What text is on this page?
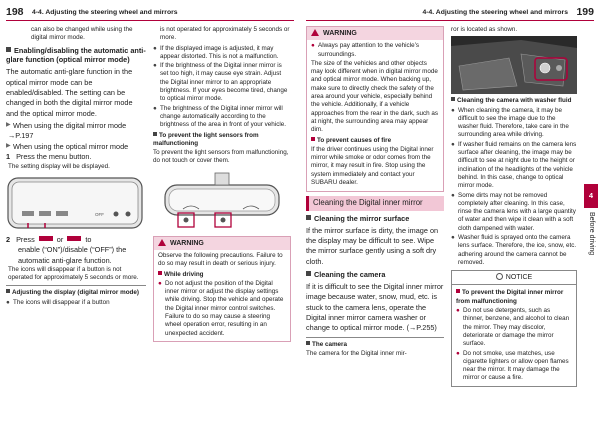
198 4-4. Adjusting the steering wheel and mirrors
can also be changed while using the digital mirror mode.
Enabling/disabling the automatic anti-glare function (optical mirror mode)
The automatic anti-glare function in the optical mirror mode can be enabled/disabled. The setting can be changed in both the digital mirror mode and the optical mirror mode.
▶ When using the digital mirror mode
→P.197
▶ When using the optical mirror mode
1 Press the menu button.
The setting display will be displayed.
OFF
2 Press	or	to
enable (“ON”)/disable (“OFF”) the automatic anti-glare function.
The icons will disappear if a button is not operated for approximately 5 seconds or more.
Adjusting the display (digital mirror mode)
● The icons will disappear if a button
is not operated for approximately 5 seconds or more.
● If the displayed image is adjusted, it may appear distorted. This is not a malfunction.
● If the brightness of the Digital inner mirror is set too high, it may cause eye strain. Adjust the Digital inner mirror to an appropriate brightness. If your eyes become tired, change to optical mirror mode.
● The brightness of the Digital inner mirror will change automatically according to the brightness of the area in front of your vehicle.
To prevent the light sensors from malfunctioning
To prevent the light sensors from malfunctioning, do not touch or cover them.
WARNING
Observe the following precautions. Failure to do so may result in death or serious injury.
While driving
● Do not adjust the position of the Digital inner mirror or adjust the display settings while driving. Stop the vehicle and operate the Digital inner mirror control switches. Failure to do so may cause a steering wheel operation error, resulting in an unexpected accident.
4-4. Adjusting the steering wheel and mirrors 199
WARNING
● Always pay attention to the vehicle’s surroundings.
The size of the vehicles and other objects may look different when in digital mirror mode and optical mirror mode. When backing up, make sure to directly check the safety of the area around your vehicle, especially behind the vehicle. Additionally, if a vehicle approaches from the rear in the dark, such as at night, the surrounding area may appear dim.
To prevent causes of fire
If the driver continues using the Digital inner mirror while smoke or odor comes from the mirror, it may result in fire. Stop using the system immediately and contact your SUBARU dealer.
Cleaning the Digital inner mirror
Cleaning the mirror surface
If the mirror surface is dirty, the image on the display may be difficult to see. Wipe the mirror surface gently using a soft dry cloth.
Cleaning the camera
If it is difficult to see the Digital inner mirror image because water, snow, mud, etc. is stuck to the camera lens, operate the Digital inner mirror camera washer or change to optical mirror mode. (→P.255)
The camera
The camera for the Digital inner mir-
ror is located as shown.
Cleaning the camera with washer fluid
● When cleaning the camera, it may be difficult to see the image due to the washer fluid. Therefore, take care in the surrounding area while driving.
● If washer fluid remains on the camera lens surface after cleaning, the image may be difficult to see at night due to the height or inclination of the headlights of the vehicle behind. In this case, change to optical mirror mode.
● Some dirts may not be removed completely after cleaning. In this case, rinse the camera lens with a large quantity of water and then wipe it clean with a soft cloth dampened with water.
● Washer fluid is sprayed onto the camera lens surface. Therefore, the ice, snow, etc. adhering around the camera cannot be removed.
NOTICE
To prevent the Digital inner mirror from malfunctioning
● Do not use detergents, such as thinner, benzene, and alcohol to clean the mirror. They may discolor, deteriorate or damage the mirror surface.
● Do not smoke, use matches, use cigarette lighters or allow open flames near the mirror. It may damage the mirror or cause a fire.
4
Before driving
